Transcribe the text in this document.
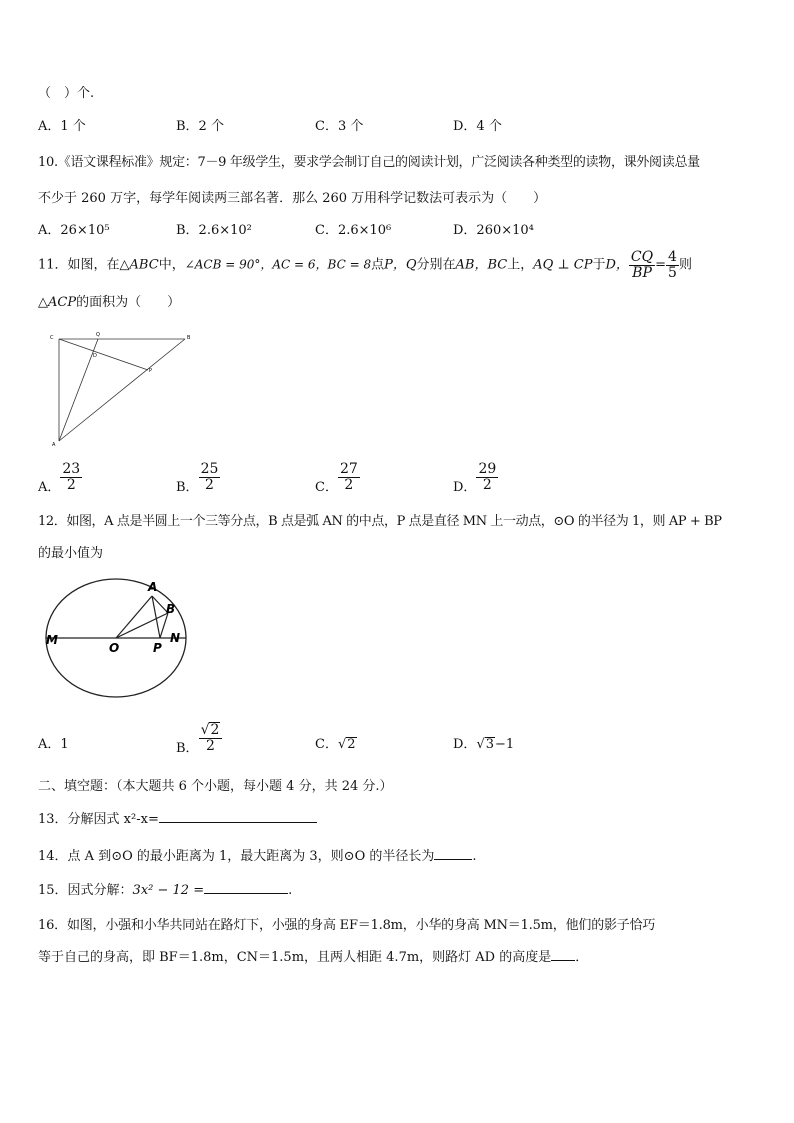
（　）个.
A．1 个	B．2 个	C．3 个	D．4 个
10.《语文课程标准》规定：7－9 年级学生，要求学会制订自己的阅读计划，广泛阅读各种类型的读物，课外阅读总量
不少于 260 万字，每学年阅读两三部名著．那么 260 万用科学记数法可表示为（　　）
A．26×10⁵	B．2.6×10²	C．2.6×10⁶	D．260×10⁴
11．如图，在△ABC中，∠ACB = 90°，AC = 6，BC = 8点P，Q分别在AB，BC上，AQ ⊥ CP于D， $\frac{CQ}{BP} = \frac{4}{5}$ 则
△ACP的面积为（　　）
C	Q	B
D
P
A
A． $\frac{23}{2}$	B． $\frac{25}{2}$	C． $\frac{27}{2}$	D． $\frac{29}{2}$
12．如图，A 点是半圆上一个三等分点，B 点是弧 AN 的中点，P 点是直径 MN 上一动点，⊙O 的半径为 1，则 AP + BP
的最小值为
A
B
M
O	P
N
A．1	B． $\frac{√2}{2}$	C．√2	D．√3−1
二、填空题：（本大题共 6 个小题，每小题 4 分，共 24 分.）
13．分解因式 x²-x=
14．点 A 到⊙O 的最小距离为 1，最大距离为 3，则⊙O 的半径长为	.
15．因式分解：3x² − 12 =	.
16．如图，小强和小华共同站在路灯下，小强的身高 EF＝1.8m，小华的身高 MN＝1.5m，他们的影子恰巧
等于自己的身高，即 BF＝1.8m，CN＝1.5m，且两人相距 4.7m，则路灯 AD 的高度是 ．
